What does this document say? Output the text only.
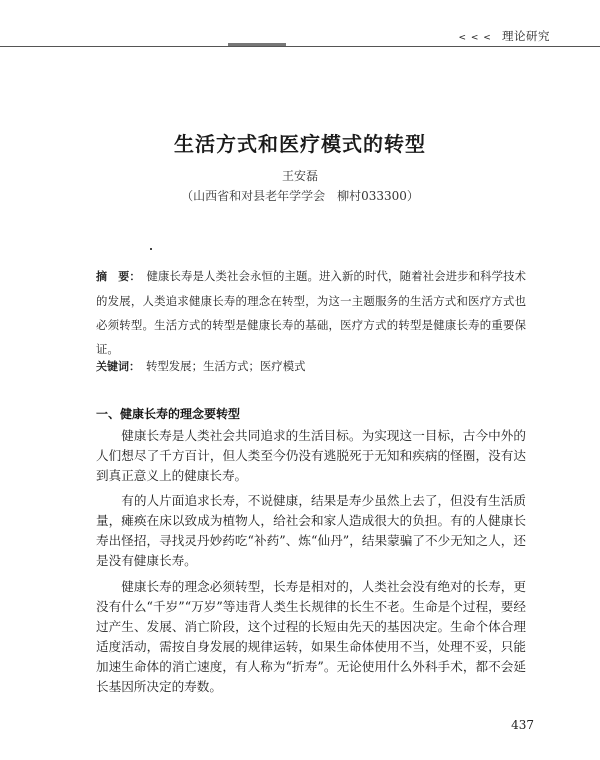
< < < 理论研究
生活方式和医疗模式的转型
王安磊
（山西省和对县老年学学会　柳村033300）
摘　要： 健康长寿是人类社会永恒的主题。进入新的时代，随着社会进步和科学技术的发展，人类追求健康长寿的理念在转型，为这一主题服务的生活方式和医疗方式也必须转型。生活方式的转型是健康长寿的基础，医疗方式的转型是健康长寿的重要保证。
关键词： 转型发展；生活方式；医疗模式
一、健康长寿的理念要转型

健康长寿是人类社会共同追求的生活目标。为实现这一目标，古今中外的人们想尽了千方百计，但人类至今仍没有逃脱死于无知和疾病的怪圈，没有达到真正意义上的健康长寿。

有的人片面追求长寿，不说健康，结果是寿少虽然上去了，但没有生活质量，瘫痪在床以致成为植物人，给社会和家人造成很大的负担。有的人健康长寿出怪招，寻找灵丹妙药吃“补药”、炼“仙丹”，结果蒙骗了不少无知之人，还是没有健康长寿。

健康长寿的理念必须转型，长寿是相对的，人类社会没有绝对的长寿，更没有什么“千岁”“万岁”等违背人类生长规律的长生不老。生命是个过程，要经过产生、发展、消亡阶段，这个过程的长短由先天的基因决定。生命个体合理适度活动，需按自身发展的规律运转，如果生命体使用不当，处理不妥，只能加速生命体的消亡速度，有人称为“折寿”。无论使用什么外科手术，都不会延长基因所决定的寿数。

437
